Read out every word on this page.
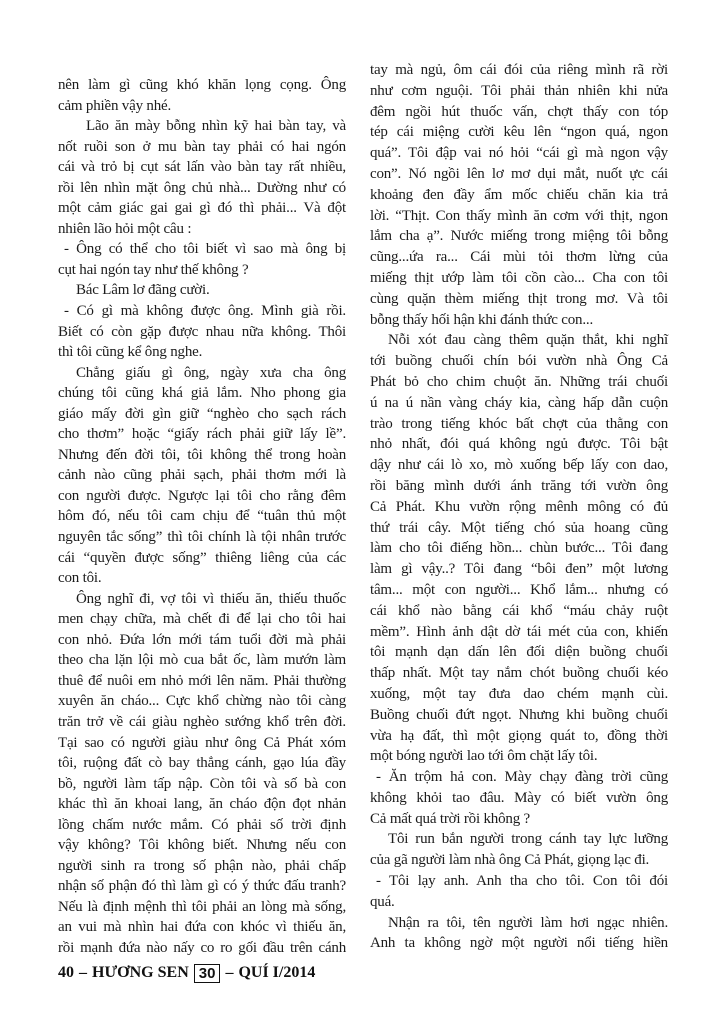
nên làm gì cũng khó khăn lọng cọng. Ông
cảm phiền vậy nhé.
Lão ăn mày bỗng nhìn kỹ hai bàn tay, và
nốt ruồi son ở mu bàn tay phải có hai ngón
cái và trỏ bị cụt sát lấn vào bàn tay rất nhiều,
rồi lên nhìn mặt ông chủ nhà... Dường như có
một cảm giác gai gai gì đó thì phải... Và đột
nhiên lão hỏi một câu :
- Ông có thể cho tôi biết vì sao mà ông bị
cụt hai ngón tay như thế không ?
Bác Lâm lơ đãng cười.
- Có gì mà không được ông. Mình già rồi.
Biết có còn gặp được nhau nữa không. Thôi
thì tôi cũng kể ông nghe.
Chẳng giấu gì ông, ngày xưa cha ông
chúng tôi cũng khá giả lắm. Nho phong gia
giáo mấy đời gìn giữ “nghèo cho sạch rách
cho thơm” hoặc “giấy rách phải giữ lấy lề”.
Nhưng đến đời tôi, tôi không thể trong hoàn
cảnh nào cũng phải sạch, phải thơm mới là
con người được. Ngược lại tôi cho rằng đêm
hôm đó, nếu tôi cam chịu để “tuân thủ một
nguyên tắc sống” thì tôi chính là tội nhân trước
cái “quyền được sống” thiêng liêng của các
con tôi.
Ông nghĩ đi, vợ tôi vì thiếu ăn, thiếu thuốc
men chạy chữa, mà chết đi để lại cho tôi hai
con nhỏ. Đứa lớn mới tám tuổi đời mà phải
theo cha lặn lội mò cua bắt ốc, làm mướn làm
thuê để nuôi em nhỏ mới lên năm. Phải thường
xuyên ăn cháo... Cực khổ chừng nào tôi càng
trăn trở về cái giàu nghèo sướng khổ trên đời.
Tại sao có người giàu như ông Cả Phát xóm
tôi, ruộng đất cò bay thẳng cánh, gạo lúa đầy
bồ, người làm tấp nập. Còn tôi và số bà con
khác thì ăn khoai lang, ăn cháo độn đọt nhản
lồng chấm nước mắm. Có phải số trời định
vậy không? Tôi không biết. Nhưng nếu con
người sinh ra trong số phận nào, phải chấp
nhận số phận đó thì làm gì có ý thức đấu tranh?
Nếu là định mệnh thì tôi phải an lòng mà sống,
an vui mà nhìn hai đứa con khóc vì thiếu ăn,
rồi mạnh đứa nào nấy co ro gối đầu trên cánh
tay mà ngủ, ôm cái đói của riêng mình rã rời
như cơm nguội. Tôi phải thản nhiên khi nửa
đêm ngồi hút thuốc vấn, chợt thấy con tóp
tép cái miệng cười kêu lên “ngon quá, ngon
quá”. Tôi đập vai nó hỏi “cái gì mà ngon vậy
con”. Nó ngồi lên lơ mơ dụi mắt, nuốt ực cái
khoảng đen đầy ẩm mốc chiếu chăn kia trả
lời. “Thịt. Con thấy mình ăn cơm với thịt, ngon
lắm cha ạ”. Nước miếng trong miệng tôi bỗng
cũng...ứa ra... Cái mùi tỏi thơm lừng của
miếng thịt ướp làm tôi cồn cào... Cha con tôi
cùng quặn thèm miếng thịt trong mơ. Và tôi
bỗng thấy hối hận khi đánh thức con...
Nỗi xót đau càng thêm quặn thắt, khi nghĩ
tới buồng chuối chín bói vườn nhà Ông Cả
Phát bỏ cho chim chuột ăn. Những trái chuối
ú na ú nần vàng cháy kia, càng hấp dẫn cuộn
trào trong tiếng khóc bất chợt của thằng con
nhỏ nhất, đói quá không ngủ được. Tôi bật
dậy như cái lò xo, mò xuống bếp lấy con dao,
rồi băng mình dưới ánh trăng tới vườn ông
Cả Phát. Khu vườn rộng mênh mông có đủ
thứ trái cây. Một tiếng chó sủa hoang cũng
làm cho tôi điếng hồn... chùn bước... Tôi đang
làm gì vậy..? Tôi đang “bôi đen” một lương
tâm... một con người... Khổ lắm... nhưng có
cái khổ nào bằng cái khổ “máu chảy ruột
mềm”. Hình ảnh dật dờ tái mét của con, khiến
tôi mạnh dạn dấn lên đối diện buồng chuối
thấp nhất. Một tay nắm chót buồng chuối kéo
xuống, một tay đưa dao chém mạnh cùi.
Buồng chuối đứt ngọt. Nhưng khi buồng chuối
vừa hạ đất, thì một giọng quát to, đồng thời
một bóng người lao tới ôm chặt lấy tôi.
- Ăn trộm hả con. Mày chạy đàng trời cũng
không khỏi tao đâu. Mày có biết vườn ông
Cả mất quá trời rồi không ?
Tôi run bắn người trong cánh tay lực lưỡng
của gã người làm nhà ông Cả Phát, giọng lạc đi.
- Tôi lạy anh. Anh tha cho tôi. Con tôi đói
quá.
Nhận ra tôi, tên người làm hơi ngạc nhiên.
Anh ta không ngờ một người nổi tiếng hiền
40 – HƯƠNG SEN 30 – QUÍ I/2014
